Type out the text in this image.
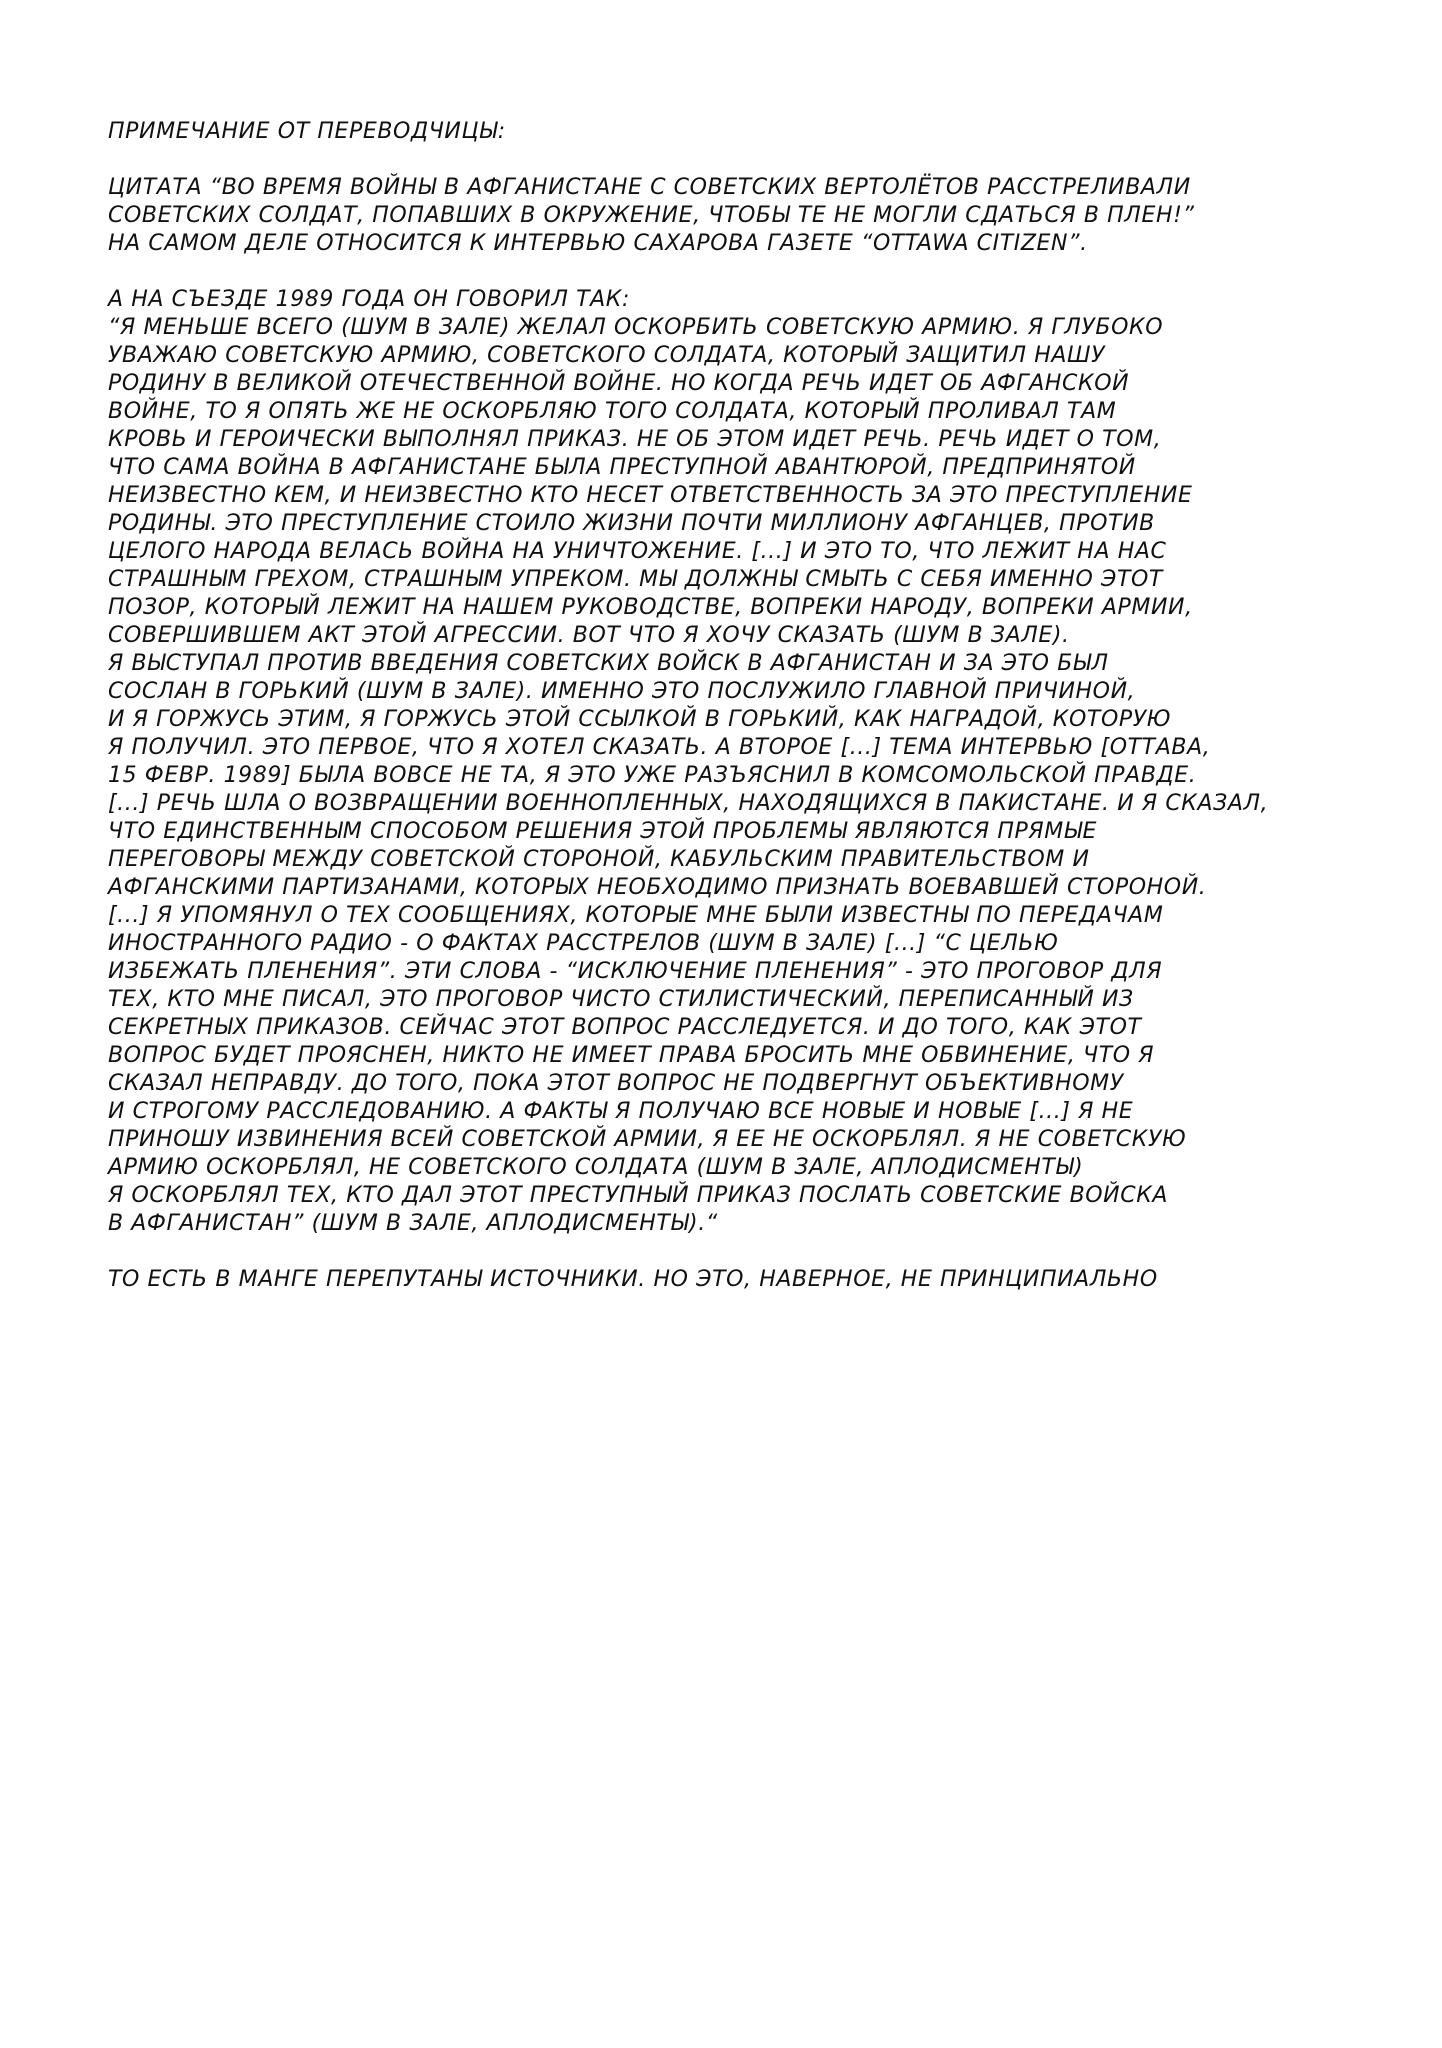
ПРИМЕЧАНИЕ ОТ ПЕРЕВОДЧИЦЫ:
ЦИТАТА “ВО ВРЕМЯ ВОЙНЫ В АФГАНИСТАНЕ С СОВЕТСКИХ ВЕРТОЛЁТОВ РАССТРЕЛИВАЛИ
СОВЕТСКИХ СОЛДАТ, ПОПАВШИХ В ОКРУЖЕНИЕ, ЧТОБЫ ТЕ НЕ МОГЛИ СДАТЬСЯ В ПЛЕН!”
НА САМОМ ДЕЛЕ ОТНОСИТСЯ К ИНТЕРВЬЮ САХАРОВА ГАЗЕТЕ “OTTAWA CITIZEN”.
А НА СЪЕЗДЕ 1989 ГОДА ОН ГОВОРИЛ ТАК:
“Я МЕНЬШЕ ВСЕГО (ШУМ В ЗАЛЕ) ЖЕЛАЛ ОСКОРБИТЬ СОВЕТСКУЮ АРМИЮ. Я ГЛУБОКО
УВАЖАЮ СОВЕТСКУЮ АРМИЮ, СОВЕТСКОГО СОЛДАТА, КОТОРЫЙ ЗАЩИТИЛ НАШУ
РОДИНУ В ВЕЛИКОЙ ОТЕЧЕСТВЕННОЙ ВОЙНЕ. НО КОГДА РЕЧЬ ИДЕТ ОБ АФГАНСКОЙ
ВОЙНЕ, ТО Я ОПЯТЬ ЖЕ НЕ ОСКОРБЛЯЮ ТОГО СОЛДАТА, КОТОРЫЙ ПРОЛИВАЛ ТАМ
КРОВЬ И ГЕРОИЧЕСКИ ВЫПОЛНЯЛ ПРИКАЗ. НЕ ОБ ЭТОМ ИДЕТ РЕЧЬ. РЕЧЬ ИДЕТ О ТОМ,
ЧТО САМА ВОЙНА В АФГАНИСТАНЕ БЫЛА ПРЕСТУПНОЙ АВАНТЮРОЙ, ПРЕДПРИНЯТОЙ
НЕИЗВЕСТНО КЕМ, И НЕИЗВЕСТНО КТО НЕСЕТ ОТВЕТСТВЕННОСТЬ ЗА ЭТО ПРЕСТУПЛЕНИЕ
РОДИНЫ. ЭТО ПРЕСТУПЛЕНИЕ СТОИЛО ЖИЗНИ ПОЧТИ МИЛЛИОНУ АФГАНЦЕВ, ПРОТИВ
ЦЕЛОГО НАРОДА ВЕЛАСЬ ВОЙНА НА УНИЧТОЖЕНИЕ. [...] И ЭТО ТО, ЧТО ЛЕЖИТ НА НАС
СТРАШНЫМ ГРЕХОМ, СТРАШНЫМ УПРЕКОМ. МЫ ДОЛЖНЫ СМЫТЬ С СЕБЯ ИМЕННО ЭТОТ
ПОЗОР, КОТОРЫЙ ЛЕЖИТ НА НАШЕМ РУКОВОДСТВЕ, ВОПРЕКИ НАРОДУ, ВОПРЕКИ АРМИИ,
СОВЕРШИВШЕМ АКТ ЭТОЙ АГРЕССИИ. ВОТ ЧТО Я ХОЧУ СКАЗАТЬ (ШУМ В ЗАЛЕ).
Я ВЫСТУПАЛ ПРОТИВ ВВЕДЕНИЯ СОВЕТСКИХ ВОЙСК В АФГАНИСТАН И ЗА ЭТО БЫЛ
СОСЛАН В ГОРЬКИЙ (ШУМ В ЗАЛЕ). ИМЕННО ЭТО ПОСЛУЖИЛО ГЛАВНОЙ ПРИЧИНОЙ,
И Я ГОРЖУСЬ ЭТИМ, Я ГОРЖУСЬ ЭТОЙ ССЫЛКОЙ В ГОРЬКИЙ, КАК НАГРАДОЙ, КОТОРУЮ
Я ПОЛУЧИЛ. ЭТО ПЕРВОЕ, ЧТО Я ХОТЕЛ СКАЗАТЬ. А ВТОРОЕ [...] ТЕМА ИНТЕРВЬЮ [ОТТАВА,
15 ФЕВР. 1989] БЫЛА ВОВСЕ НЕ ТА, Я ЭТО УЖЕ РАЗЪЯСНИЛ В КОМСОМОЛЬСКОЙ ПРАВДЕ.
[...] РЕЧЬ ШЛА О ВОЗВРАЩЕНИИ ВОЕННОПЛЕННЫХ, НАХОДЯЩИХСЯ В ПАКИСТАНЕ. И Я СКАЗАЛ,
ЧТО ЕДИНСТВЕННЫМ СПОСОБОМ РЕШЕНИЯ ЭТОЙ ПРОБЛЕМЫ ЯВЛЯЮТСЯ ПРЯМЫЕ
ПЕРЕГОВОРЫ МЕЖДУ СОВЕТСКОЙ СТОРОНОЙ, КАБУЛЬСКИМ ПРАВИТЕЛЬСТВОМ И
АФГАНСКИМИ ПАРТИЗАНАМИ, КОТОРЫХ НЕОБХОДИМО ПРИЗНАТЬ ВОЕВАВШЕЙ СТОРОНОЙ.
[...] Я УПОМЯНУЛ О ТЕХ СООБЩЕНИЯХ, КОТОРЫЕ МНЕ БЫЛИ ИЗВЕСТНЫ ПО ПЕРЕДАЧАМ
ИНОСТРАННОГО РАДИО - О ФАКТАХ РАССТРЕЛОВ (ШУМ В ЗАЛЕ) [...] “С ЦЕЛЬЮ
ИЗБЕЖАТЬ ПЛЕНЕНИЯ”. ЭТИ СЛОВА - “ИСКЛЮЧЕНИЕ ПЛЕНЕНИЯ” - ЭТО ПРОГОВОР ДЛЯ
ТЕХ, КТО МНЕ ПИСАЛ, ЭТО ПРОГОВОР ЧИСТО СТИЛИСТИЧЕСКИЙ, ПЕРЕПИСАННЫЙ ИЗ
СЕКРЕТНЫХ ПРИКАЗОВ. СЕЙЧАС ЭТОТ ВОПРОС РАССЛЕДУЕТСЯ. И ДО ТОГО, КАК ЭТОТ
ВОПРОС БУДЕТ ПРОЯСНЕН, НИКТО НЕ ИМЕЕТ ПРАВА БРОСИТЬ МНЕ ОБВИНЕНИЕ, ЧТО Я
СКАЗАЛ НЕПРАВДУ. ДО ТОГО, ПОКА ЭТОТ ВОПРОС НЕ ПОДВЕРГНУТ ОБЪЕКТИВНОМУ
И СТРОГОМУ РАССЛЕДОВАНИЮ. А ФАКТЫ Я ПОЛУЧАЮ ВСЕ НОВЫЕ И НОВЫЕ [...] Я НЕ
ПРИНОШУ ИЗВИНЕНИЯ ВСЕЙ СОВЕТСКОЙ АРМИИ, Я ЕЕ НЕ ОСКОРБЛЯЛ. Я НЕ СОВЕТСКУЮ
АРМИЮ ОСКОРБЛЯЛ, НЕ СОВЕТСКОГО СОЛДАТА (ШУМ В ЗАЛЕ, АПЛОДИСМЕНТЫ)
Я ОСКОРБЛЯЛ ТЕХ, КТО ДАЛ ЭТОТ ПРЕСТУПНЫЙ ПРИКАЗ ПОСЛАТЬ СОВЕТСКИЕ ВОЙСКА
В АФГАНИСТАН” (ШУМ В ЗАЛЕ, АПЛОДИСМЕНТЫ).“
ТО ЕСТЬ В МАНГЕ ПЕРЕПУТАНЫ ИСТОЧНИКИ. НО ЭТО, НАВЕРНОЕ, НЕ ПРИНЦИПИАЛЬНО
